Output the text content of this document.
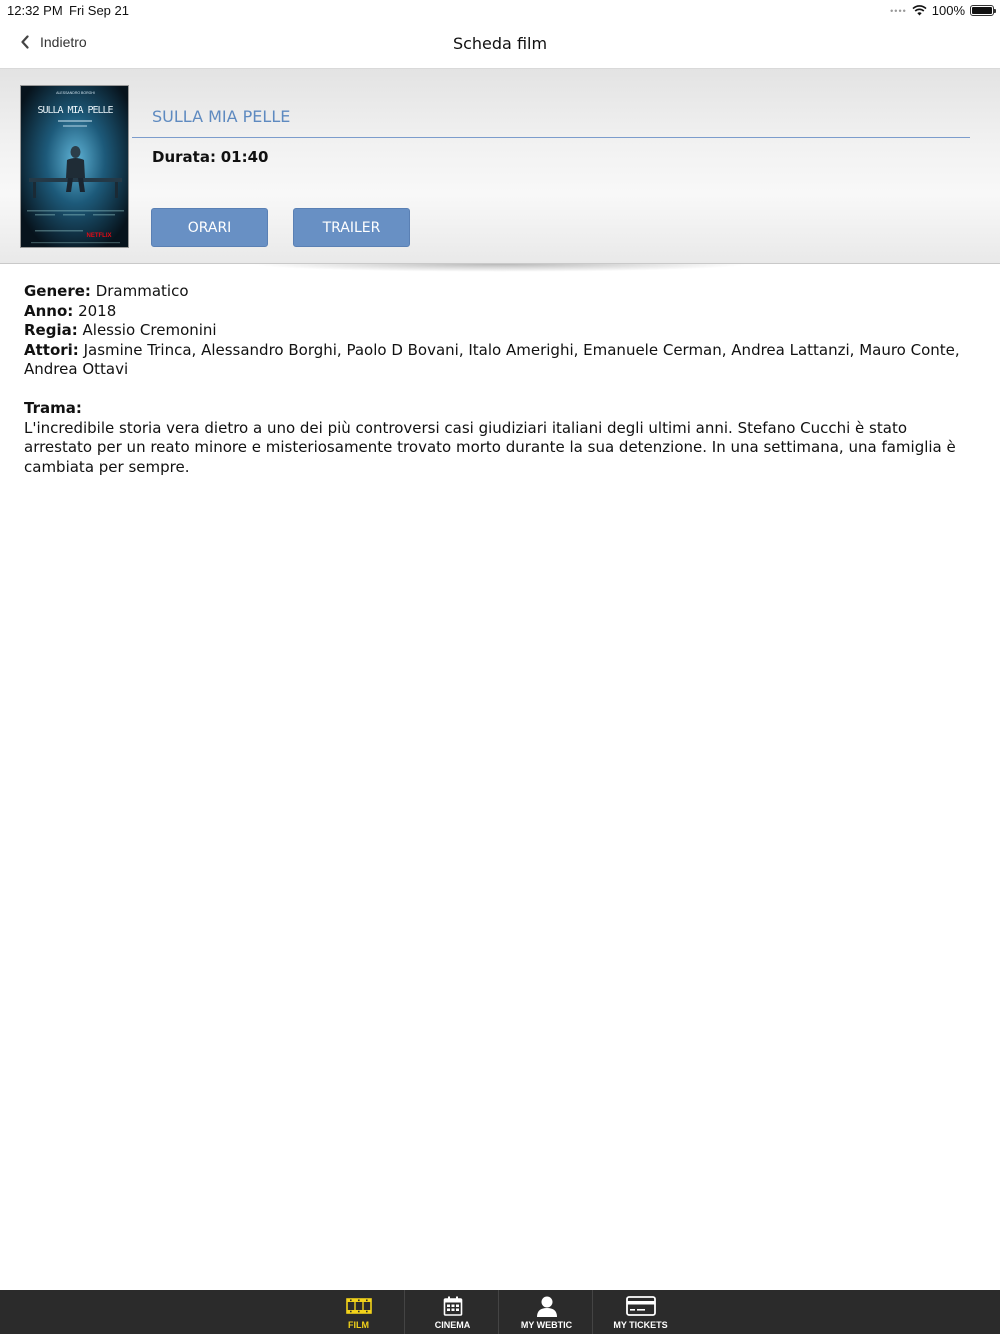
12:32 PM Fri Sep 21	•••• 100%
Indietro	Scheda film
ALESSANDRO BORGHI
SULLA MIA PELLE
NETFLIX
SULLA MIA PELLE
Durata: 01:40
ORARI	TRAILER
Genere: Drammatico
Anno: 2018
Regia: Alessio Cremonini
Attori: Jasmine Trinca, Alessandro Borghi, Paolo D Bovani, Italo Amerighi, Emanuele Cerman, Andrea Lattanzi, Mauro Conte, Andrea Ottavi
Trama:
L'incredibile storia vera dietro a uno dei più controversi casi giudiziari italiani degli ultimi anni. Stefano Cucchi è stato arrestato per un reato minore e misteriosamente trovato morto durante la sua detenzione. In una settimana, una famiglia è cambiata per sempre.
FILM	CINEMA	MY WEBTIC	MY TICKETS
